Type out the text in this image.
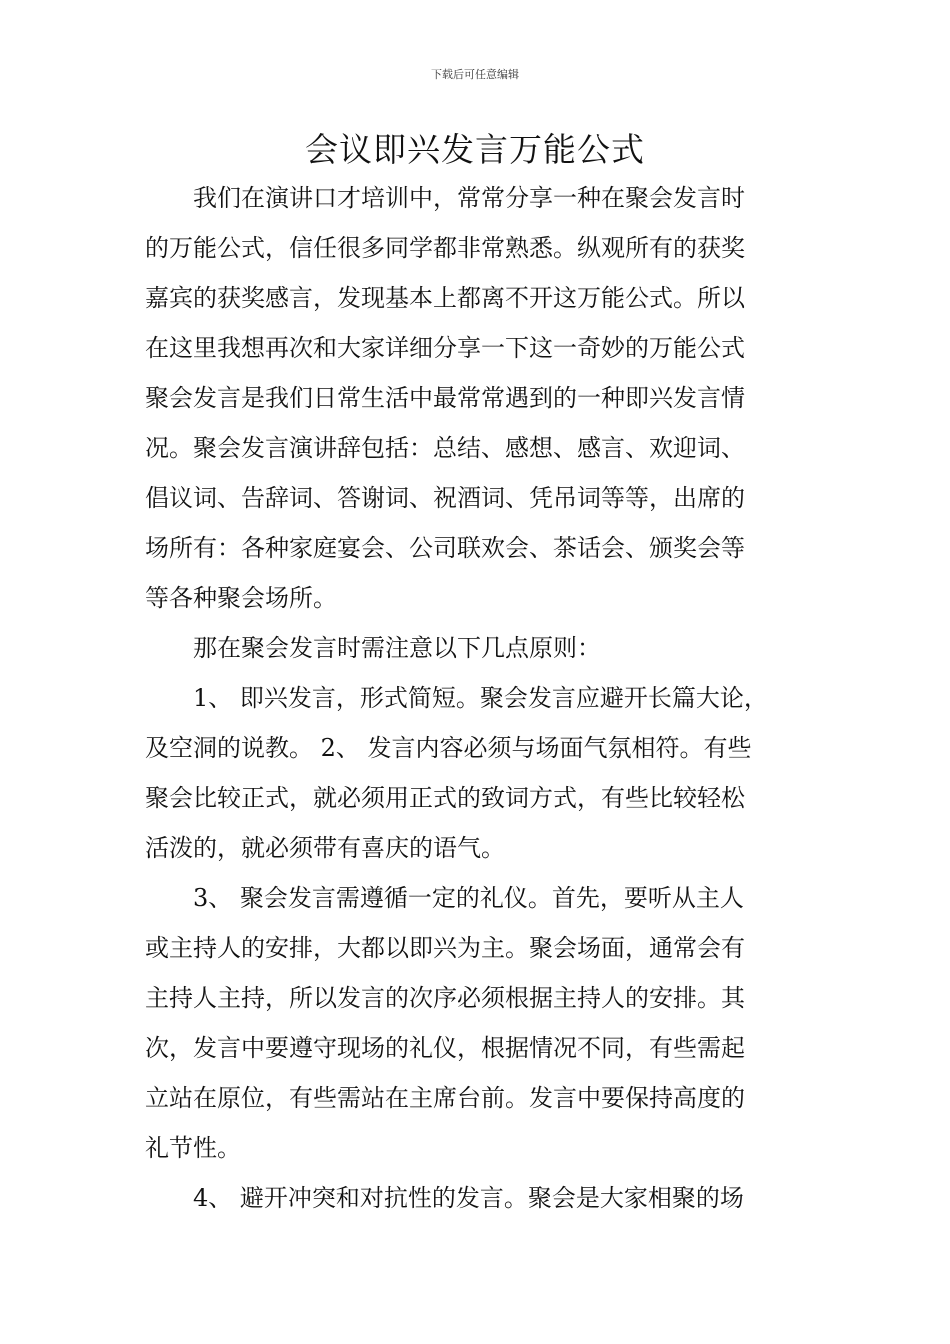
下载后可任意编辑
会议即兴发言万能公式
　　我们在演讲口才培训中，常常分享一种在聚会发言时
的万能公式，信任很多同学都非常熟悉。纵观所有的获奖
嘉宾的获奖感言，发现基本上都离不开这万能公式。所以
在这里我想再次和大家详细分享一下这一奇妙的万能公式
聚会发言是我们日常生活中最常常遇到的一种即兴发言情
况。聚会发言演讲辞包括：总结、感想、感言、欢迎词、
倡议词、告辞词、答谢词、祝酒词、凭吊词等等，出席的
场所有：各种家庭宴会、公司联欢会、茶话会、颁奖会等
等各种聚会场所。
　　那在聚会发言时需注意以下几点原则：
　　1、 即兴发言，形式简短。聚会发言应避开长篇大论，
及空洞的说教。 2、 发言内容必须与场面气氛相符。有些
聚会比较正式，就必须用正式的致词方式，有些比较轻松
活泼的，就必须带有喜庆的语气。
　　3、 聚会发言需遵循一定的礼仪。首先，要听从主人
或主持人的安排，大都以即兴为主。聚会场面，通常会有
主持人主持，所以发言的次序必须根据主持人的安排。其
次，发言中要遵守现场的礼仪，根据情况不同，有些需起
立站在原位，有些需站在主席台前。发言中要保持高度的
礼节性。
　　4、 避开冲突和对抗性的发言。聚会是大家相聚的场
